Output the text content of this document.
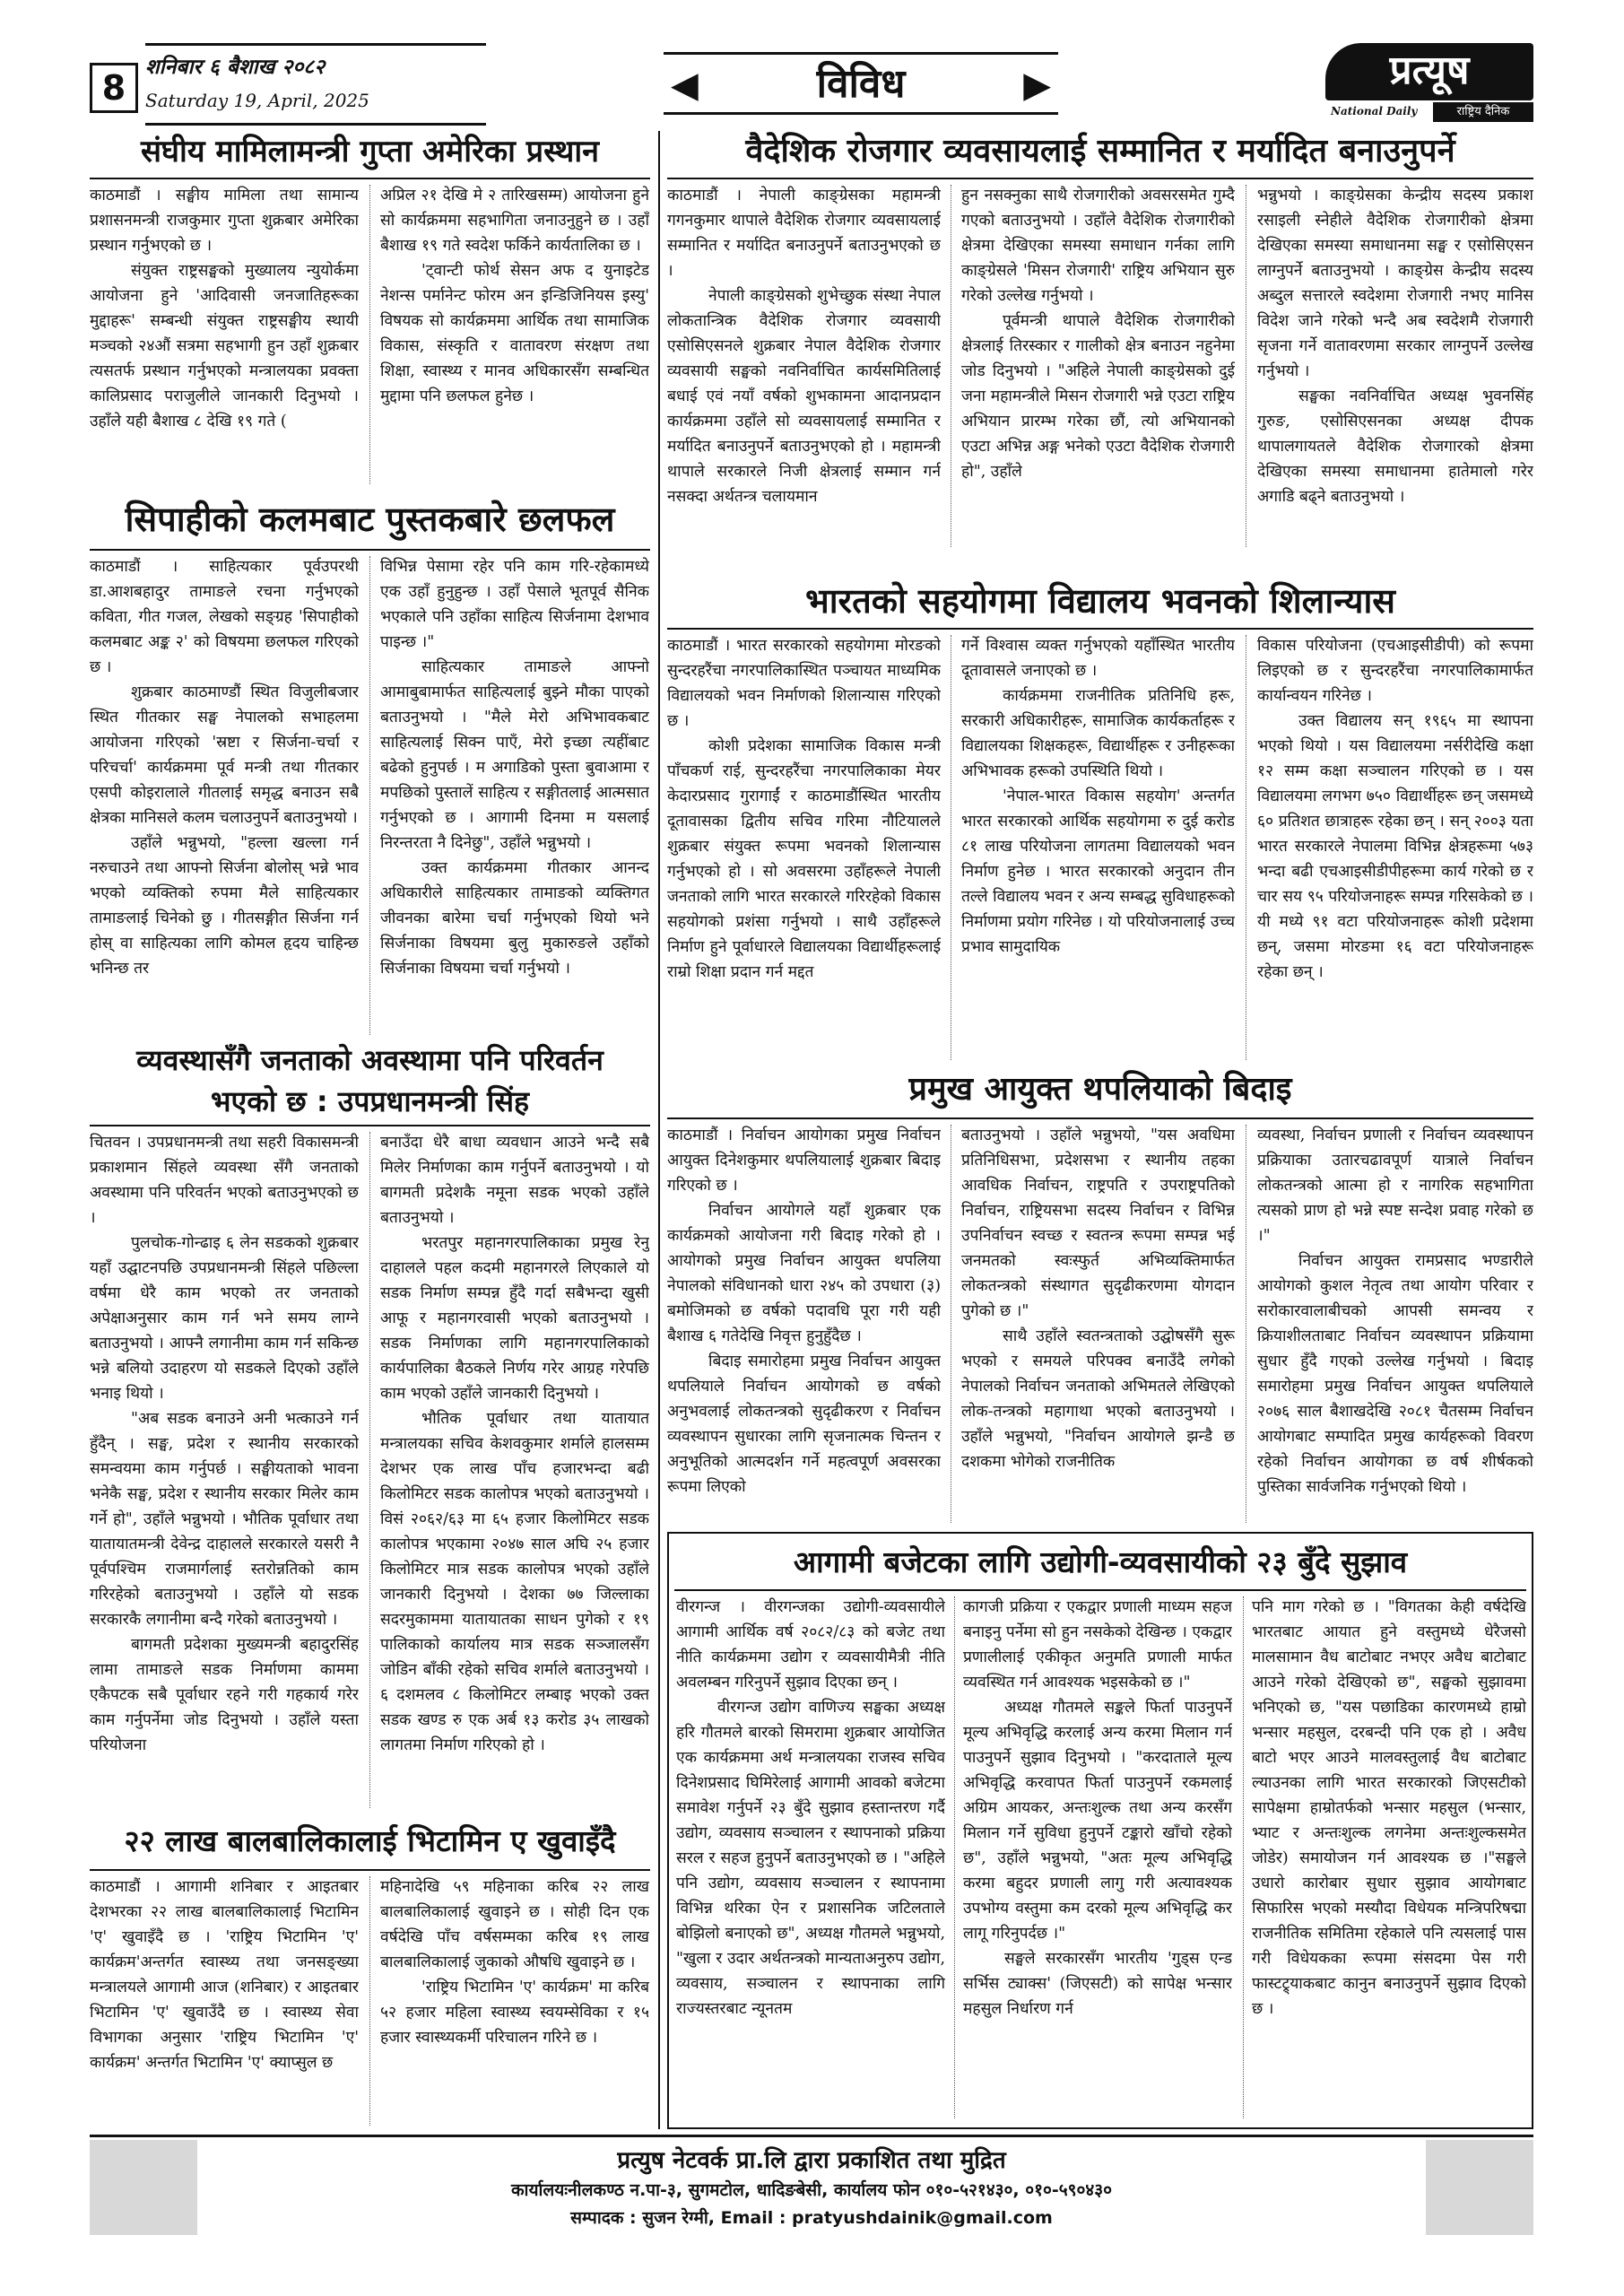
8
शनिबार ६ बैशाख २०८२
Saturday 19, April, 2025	◀	विविध	▶	प्रत्यूष
National Daily	राष्ट्रिय दैनिक
संघीय मामिलामन्त्री गुप्ता अमेरिका प्रस्थान

काठमाडौं । सङ्घीय मामिला तथा सामान्य प्रशासनमन्त्री राजकुमार गुप्ता शुक्रबार अमेरिका प्रस्थान गर्नुभएको छ ।

संयुक्त राष्ट्रसङ्घको मुख्यालय न्युयोर्कमा आयोजना हुने 'आदिवासी जनजातिहरूका मुद्दाहरू' सम्बन्धी संयुक्त राष्ट्रसङ्घीय स्थायी मञ्चको २४औं सत्रमा सहभागी हुन उहाँ शुक्रबार त्यसतर्फ प्रस्थान गर्नुभएको मन्त्रालयका प्रवक्ता कालिप्रसाद पराजुलीले जानकारी दिनुभयो । उहाँले यही बैशाख ८ देखि १९ गते (

अप्रिल २१ देखि मे २ तारिखसम्म) आयोजना हुने सो कार्यक्रममा सहभागिता जनाउनुहुने छ । उहाँ बैशाख १९ गते स्वदेश फर्किने कार्यतालिका छ ।

'ट्वान्टी फोर्थ सेसन अफ द युनाइटेड नेशन्स पर्मानेन्ट फोरम अन इन्डिजिनियस इस्यु' विषयक सो कार्यक्रममा आर्थिक तथा सामाजिक विकास, संस्कृति र वातावरण संरक्षण तथा शिक्षा, स्वास्थ्य र मानव अधिकारसँग सम्बन्धित मुद्दामा पनि छलफल हुनेछ ।

सिपाहीको कलमबाट पुस्तकबारे छलफल

काठमाडौं । साहित्यकार पूर्वउपरथी डा.आशबहादुर तामाङले रचना गर्नुभएको कविता, गीत गजल, लेखको सङ्ग्रह 'सिपाहीको कलमबाट अङ्क २' को विषयमा छलफल गरिएको छ ।

शुक्रबार काठमाण्डौं स्थित विजुलीबजार स्थित गीतकार सङ्घ नेपालको सभाहलमा आयोजना गरिएको 'स्रष्टा र सिर्जना-चर्चा र परिचर्चा' कार्यक्रममा पूर्व मन्त्री तथा गीतकार एसपी कोइरालाले गीतलाई समृद्ध बनाउन सबै क्षेत्रका मानिसले कलम चलाउनुपर्ने बताउनुभयो ।

उहाँले भन्नुभयो, "हल्ला खल्ला गर्न नरुचाउने तथा आफ्नो सिर्जना बोलोस् भन्ने भाव भएको व्यक्तिको रुपमा मैले साहित्यकार तामाङलाई चिनेको छु । गीतसङ्गीत सिर्जना गर्न होस् वा साहित्यका लागि कोमल हृदय चाहिन्छ भनिन्छ तर

विभिन्न पेसामा रहेर पनि काम गरि-रहेकामध्ये एक उहाँ हुनुहुन्छ । उहाँ पेसाले भूतपूर्व सैनिक भएकाले पनि उहाँका साहित्य सिर्जनामा देशभाव पाइन्छ ।"

साहित्यकार तामाङले आफ्नो आमाबुबामार्फत साहित्यलाई बुझ्ने मौका पाएको बताउनुभयो । "मैले मेरो अभिभावकबाट साहित्यलाई सिक्न पाएँ, मेरो इच्छा त्यहींबाट बढेको हुनुपर्छ । म अगाडिको पुस्ता बुवाआमा र मपछिको पुस्तालें साहित्य र सङ्गीतलाई आत्मसात गर्नुभएको छ । आगामी दिनमा म यसलाई निरन्तरता नै दिनेछु", उहाँले भन्नुभयो ।

उक्त कार्यक्रममा गीतकार आनन्द अधिकारीले साहित्यकार तामाङको व्यक्तिगत जीवनका बारेमा चर्चा गर्नुभएको थियो भने सिर्जनाका विषयमा बुलु मुकारुङले उहाँको सिर्जनाका विषयमा चर्चा गर्नुभयो ।

व्यवस्थासँगै जनताको अवस्थामा पनि परिवर्तन
भएको छ : उपप्रधानमन्त्री सिंह

चितवन । उपप्रधानमन्त्री तथा सहरी विकासमन्त्री प्रकाशमान सिंहले व्यवस्था सँगै जनताको अवस्थामा पनि परिवर्तन भएको बताउनुभएको छ ।

पुलचोक-गोन्ढाइ ६ लेन सडकको शुक्रबार यहाँ उद्घाटनपछि उपप्रधानमन्त्री सिंहले पछिल्ला वर्षमा धेरै काम भएको तर जनताको अपेक्षाअनुसार काम गर्न भने समय लाग्ने बताउनुभयो । आफ्नै लगानीमा काम गर्न सकिन्छ भन्ने बलियो उदाहरण यो सडकले दिएको उहाँले भनाइ थियो ।

"अब सडक बनाउने अनी भत्काउने गर्न हुँदैन् । सङ्घ, प्रदेश र स्थानीय सरकारको समन्वयमा काम गर्नुपर्छ । सङ्घीयताको भावना भनेकै सङ्घ, प्रदेश र स्थानीय सरकार मिलेर काम गर्ने हो", उहाँले भन्नुभयो । भौतिक पूर्वाधार तथा यातायातमन्त्री देवेन्द्र दाहालले सरकारले यसरी नै पूर्वपश्चिम राजमार्गलाई स्तरोन्नतिको काम गरिरहेको बताउनुभयो । उहाँले यो सडक सरकारकै लगानीमा बन्दै गरेको बताउनुभयो ।

बागमती प्रदेशका मुख्यमन्त्री बहादुरसिंह लामा तामाङले सडक निर्माणमा काममा एकैपटक सबै पूर्वाधार रहने गरी गहकार्य गरेर काम गर्नुपर्नेमा जोड दिनुभयो । उहाँले यस्ता परियोजना

बनाउँदा धेरै बाधा व्यवधान आउने भन्दै सबै मिलेर निर्माणका काम गर्नुपर्ने बताउनुभयो । यो बागमती प्रदेशकै नमूना सडक भएको उहाँले बताउनुभयो ।

भरतपुर महानगरपालिकाका प्रमुख रेनु दाहालले पहल कदमी महानगरले लिएकाले यो सडक निर्माण सम्पन्न हुँदै गर्दा सबैभन्दा खुसी आफू र महानगरवासी भएको बताउनुभयो । सडक निर्माणका लागि महानगरपालिकाको कार्यपालिका बैठकले निर्णय गरेर आग्रह गरेपछि काम भएको उहाँले जानकारी दिनुभयो ।

भौतिक पूर्वाधार तथा यातायात मन्त्रालयका सचिव केशवकुमार शर्माले हालसम्म देशभर एक लाख पाँच हजारभन्दा बढी किलोमिटर सडक कालोपत्र भएको बताउनुभयो । विसं २०६२/६३ मा ६५ हजार किलोमिटर सडक कालोपत्र भएकामा २०४७ साल अघि २५ हजार किलोमिटर मात्र सडक कालोपत्र भएको उहाँले जानकारी दिनुभयो । देशका ७७ जिल्लाका सदरमुकाममा यातायातका साधन पुगेको र १९ पालिकाको कार्यालय मात्र सडक सञ्जालसँग जोडिन बाँकी रहेको सचिव शर्माले बताउनुभयो । ६ दशमलव ८ किलोमिटर लम्बाइ भएको उक्त सडक खण्ड रु एक अर्ब १३ करोड ३५ लाखको लागतमा निर्माण गरिएको हो ।

२२ लाख बालबालिकालाई भिटामिन ए खुवाइँदै

काठमाडौं । आगामी शनिबार र आइतबार देशभरका २२ लाख बालबालिकालाई भिटामिन 'ए' खुवाइँदै छ । 'राष्ट्रिय भिटामिन 'ए' कार्यक्रम'अन्तर्गत स्वास्थ्य तथा जनसङ्ख्या मन्त्रालयले आगामी आज (शनिबार) र आइतबार भिटामिन 'ए' खुवाउँदै छ । स्वास्थ्य सेवा विभागका अनुसार 'राष्ट्रिय भिटामिन 'ए' कार्यक्रम' अन्तर्गत भिटामिन 'ए' क्याप्सुल छ

महिनादेखि ५९ महिनाका करिब २२ लाख बालबालिकालाई खुवाइने छ । सोही दिन एक वर्षदेखि पाँच वर्षसम्मका करिब १९ लाख बालबालिकालाई जुकाको औषधि खुवाइने छ ।

'राष्ट्रिय भिटामिन 'ए' कार्यक्रम' मा करिब ५२ हजार महिला स्वास्थ्य स्वयम्सेविका र १५ हजार स्वास्थ्यकर्मी परिचालन गरिने छ ।

वैदेशिक रोजगार व्यवसायलाई सम्मानित र मर्यादित बनाउनुपर्ने

काठमाडौं । नेपाली काङ्ग्रेसका महामन्त्री गगनकुमार थापाले वैदेशिक रोजगार व्यवसायलाई सम्मानित र मर्यादित बनाउनुपर्ने बताउनुभएको छ ।

नेपाली काङ्ग्रेसको शुभेच्छुक संस्था नेपाल लोकतान्त्रिक वैदेशिक रोजगार व्यवसायी एसोसिएसनले शुक्रबार नेपाल वैदेशिक रोजगार व्यवसायी सङ्घको नवनिर्वाचित कार्यसमितिलाई बधाई एवं नयाँ वर्षको शुभकामना आदानप्रदान कार्यक्रममा उहाँले सो व्यवसायलाई सम्मानित र मर्यादित बनाउनुपर्ने बताउनुभएको हो । महामन्त्री थापाले सरकारले निजी क्षेत्रलाई सम्मान गर्न नसक्दा अर्थतन्त्र चलायमान

हुन नसक्नुका साथै रोजगारीको अवसरसमेत गुम्दै गएको बताउनुभयो । उहाँले वैदेशिक रोजगारीको क्षेत्रमा देखिएका समस्या समाधान गर्नका लागि काङ्ग्रेसले 'मिसन रोजगारी' राष्ट्रिय अभियान सुरु गरेको उल्लेख गर्नुभयो ।

पूर्वमन्त्री थापाले वैदेशिक रोजगारीको क्षेत्रलाई तिरस्कार र गालीको क्षेत्र बनाउन नहुनेमा जोड दिनुभयो । "अहिले नेपाली काङ्ग्रेसको दुई जना महामन्त्रीले मिसन रोजगारी भन्ने एउटा राष्ट्रिय अभियान प्रारम्भ गरेका छौं, त्यो अभियानको एउटा अभिन्न अङ्ग भनेको एउटा वैदेशिक रोजगारी हो", उहाँले

भन्नुभयो । काङ्ग्रेसका केन्द्रीय सदस्य प्रकाश रसाइली स्नेहीले वैदेशिक रोजगारीको क्षेत्रमा देखिएका समस्या समाधानमा सङ्घ र एसोसिएसन लाग्नुपर्ने बताउनुभयो । काङ्ग्रेस केन्द्रीय सदस्य अब्दुल सत्तारले स्वदेशमा रोजगारी नभए मानिस विदेश जाने गरेको भन्दै अब स्वदेशमै रोजगारी सृजना गर्ने वातावरणमा सरकार लाग्नुपर्ने उल्लेख गर्नुभयो ।

सङ्घका नवनिर्वाचित अध्यक्ष भुवनसिंह गुरुङ, एसोसिएसनका अध्यक्ष दीपक थापालगायतले वैदेशिक रोजगारको क्षेत्रमा देखिएका समस्या समाधानमा हातेमालो गरेर अगाडि बढ्ने बताउनुभयो ।

भारतको सहयोगमा विद्यालय भवनको शिलान्यास

काठमाडौं । भारत सरकारको सहयोगमा मोरङको सुन्दरहरैंचा नगरपालिकास्थित पञ्चायत माध्यमिक विद्यालयको भवन निर्माणको शिलान्यास गरिएको छ ।

कोशी प्रदेशका सामाजिक विकास मन्त्री पाँचकर्ण राई, सुन्दरहरैंचा नगरपालिकाका मेयर केदारप्रसाद गुरागाईं र काठमाडौंस्थित भारतीय दूतावासका द्वितीय सचिव गरिमा नौटियालले शुक्रबार संयुक्त रूपमा भवनको शिलान्यास गर्नुभएको हो । सो अवसरमा उहाँहरूले नेपाली जनताको लागि भारत सरकारले गरिरहेको विकास सहयोगको प्रशंसा गर्नुभयो । साथै उहाँहरूले निर्माण हुने पूर्वाधारले विद्यालयका विद्यार्थीहरूलाई राम्रो शिक्षा प्रदान गर्न मद्दत

गर्ने विश्वास व्यक्त गर्नुभएको यहाँस्थित भारतीय दूतावासले जनाएको छ ।

कार्यक्रममा राजनीतिक प्रतिनिधि हरू, सरकारी अधिकारीहरू, सामाजिक कार्यकर्ताहरू र विद्यालयका शिक्षकहरू, विद्यार्थीहरू र उनीहरूका अभिभावक हरूको उपस्थिति थियो ।

'नेपाल-भारत विकास सहयोग' अन्तर्गत भारत सरकारको आर्थिक सहयोगमा रु दुई करोड ८१ लाख परियोजना लागतमा विद्यालयको भवन निर्माण हुनेछ । भारत सरकारको अनुदान तीन तल्ले विद्यालय भवन र अन्य सम्बद्ध सुविधाहरूको निर्माणमा प्रयोग गरिनेछ । यो परियोजनालाई उच्च प्रभाव सामुदायिक

विकास परियोजना (एचआइसीडीपी) को रूपमा लिइएको छ र सुन्दरहरैंचा नगरपालिकामार्फत कार्यान्वयन गरिनेछ ।

उक्त विद्यालय सन् १९६५ मा स्थापना भएको थियो । यस विद्यालयमा नर्सरीदेखि कक्षा १२ सम्म कक्षा सञ्चालन गरिएको छ । यस विद्यालयमा लगभग ७५० विद्यार्थीहरू छन् जसमध्ये ६० प्रतिशत छात्राहरू रहेका छन् । सन् २००३ यता भारत सरकारले नेपालमा विभिन्न क्षेत्रहरूमा ५७३ भन्दा बढी एचआइसीडीपीहरूमा कार्य गरेको छ र चार सय ९५ परियोजनाहरू सम्पन्न गरिसकेको छ । यी मध्ये ९१ वटा परियोजनाहरू कोशी प्रदेशमा छन्, जसमा मोरङमा १६ वटा परियोजनाहरू रहेका छन् ।

प्रमुख आयुक्त थपलियाको बिदाइ

काठमाडौं । निर्वाचन आयोगका प्रमुख निर्वाचन आयुक्त दिनेशकुमार थपलियालाई शुक्रबार बिदाइ गरिएको छ ।

निर्वाचन आयोगले यहाँ शुक्रबार एक कार्यक्रमको आयोजना गरी बिदाइ गरेको हो । आयोगको प्रमुख निर्वाचन आयुक्त थपलिया नेपालको संविधानको धारा २४५ को उपधारा (३) बमोजिमको छ वर्षको पदावधि पूरा गरी यही बैशाख ६ गतेदेखि निवृत्त हुनुहुँदैछ ।

बिदाइ समारोहमा प्रमुख निर्वाचन आयुक्त थपलियाले निर्वाचन आयोगको छ वर्षको अनुभवलाई लोकतन्त्रको सुदृढीकरण र निर्वाचन व्यवस्थापन सुधारका लागि सृजनात्मक चिन्तन र अनुभूतिको आत्मदर्शन गर्ने महत्वपूर्ण अवसरका रूपमा लिएको

बताउनुभयो । उहाँले भन्नुभयो, "यस अवधिमा प्रतिनिधिसभा, प्रदेशसभा र स्थानीय तहका आवधिक निर्वाचन, राष्ट्रपति र उपराष्ट्रपतिको निर्वाचन, राष्ट्रियसभा सदस्य निर्वाचन र विभिन्न उपनिर्वाचन स्वच्छ र स्वतन्त्र रूपमा सम्पन्न भई जनमतको स्वःस्फुर्त अभिव्यक्तिमार्फत लोकतन्त्रको संस्थागत सुदृढीकरणमा योगदान पुगेको छ ।"

साथै उहाँले स्वतन्त्रताको उद्घोषसँगै सुरू भएको र समयले परिपक्व बनाउँदै लगेको नेपालको निर्वाचन जनताको अभिमतले लेखिएको लोक-तन्त्रको महागाथा भएको बताउनुभयो । उहाँले भन्नुभयो, "निर्वाचन आयोगले झन्डै छ दशकमा भोगेको राजनीतिक

व्यवस्था, निर्वाचन प्रणाली र निर्वाचन व्यवस्थापन प्रक्रियाका उतारचढावपूर्ण यात्राले निर्वाचन लोकतन्त्रको आत्मा हो र नागरिक सहभागिता त्यसको प्राण हो भन्ने स्पष्ट सन्देश प्रवाह गरेको छ ।"

निर्वाचन आयुक्त रामप्रसाद भण्डारीले आयोगको कुशल नेतृत्व तथा आयोग परिवार र सरोकारवालाबीचको आपसी समन्वय र क्रियाशीलताबाट निर्वाचन व्यवस्थापन प्रक्रियामा सुधार हुँदै गएको उल्लेख गर्नुभयो । बिदाइ समारोहमा प्रमुख निर्वाचन आयुक्त थपलियाले २०७६ साल बैशाखदेखि २०८१ चैतसम्म निर्वाचन आयोगबाट सम्पादित प्रमुख कार्यहरूको विवरण रहेको निर्वाचन आयोगका छ वर्ष शीर्षकको पुस्तिका सार्वजनिक गर्नुभएको थियो ।

आगामी बजेटका लागि उद्योगी-व्यवसायीको २३ बुँदे सुझाव

वीरगन्ज । वीरगन्जका उद्योगी-व्यवसायीले आगामी आर्थिक वर्ष २०८२/८३ को बजेट तथा नीति कार्यक्रममा उद्योग र व्यवसायीमैत्री नीति अवलम्बन गरिनुपर्ने सुझाव दिएका छन् ।

वीरगन्ज उद्योग वाणिज्य सङ्घका अध्यक्ष हरि गौतमले बारको सिमरामा शुक्रबार आयोजित एक कार्यक्रममा अर्थ मन्त्रालयका राजस्व सचिव दिनेशप्रसाद घिमिरेलाई आगामी आवको बजेटमा समावेश गर्नुपर्ने २३ बुँदे सुझाव हस्तान्तरण गर्दै उद्योग, व्यवसाय सञ्चालन र स्थापनाको प्रक्रिया सरल र सहज हुनुपर्ने बताउनुभएको छ । "अहिले पनि उद्योग, व्यवसाय सञ्चालन र स्थापनामा विभिन्न थरिका ऐन र प्रशासनिक जटिलताले बोझिलो बनाएको छ", अध्यक्ष गौतमले भन्नुभयो, "खुला र उदार अर्थतन्त्रको मान्यताअनुरुप उद्योग, व्यवसाय, सञ्चालन र स्थापनाका लागि राज्यस्तरबाट न्यूनतम

कागजी प्रक्रिया र एकद्वार प्रणाली माध्यम सहज बनाइनु पर्नेमा सो हुन नसकेको देखिन्छ । एकद्वार प्रणालीलाई एकीकृत अनुमति प्रणाली मार्फत व्यवस्थित गर्न आवश्यक भइसकेको छ ।"

अध्यक्ष गौतमले सङ्कले फिर्ता पाउनुपर्ने मूल्य अभिवृद्धि करलाई अन्य करमा मिलान गर्न पाउनुपर्ने सुझाव दिनुभयो । "करदाताले मूल्य अभिवृद्धि करवापत फिर्ता पाउनुपर्ने रकमलाई अग्रिम आयकर, अन्तःशुल्क तथा अन्य करसँग मिलान गर्ने सुविधा हुनुपर्ने टङ्कारो खाँचो रहेको छ", उहाँले भन्नुभयो, "अतः मूल्य अभिवृद्धि करमा बहुदर प्रणाली लागु गरी अत्यावश्यक उपभोग्य वस्तुमा कम दरको मूल्य अभिवृद्धि कर लागू गरिनुपर्दछ ।"

सङ्घले सरकारसँग भारतीय 'गुड्स एन्ड सर्भिस ट्याक्स' (जिएसटी) को सापेक्ष भन्सार महसुल निर्धारण गर्न

पनि माग गरेको छ । "विगतका केही वर्षदेखि भारतबाट आयात हुने वस्तुमध्ये धेरैजसो मालसामान वैध बाटोबाट नभएर अवैध बाटोबाट आउने गरेको देखिएको छ", सङ्घको सुझावमा भनिएको छ, "यस पछाडिका कारणमध्ये हाम्रो भन्सार महसुल, दरबन्दी पनि एक हो । अवैध बाटो भएर आउने मालवस्तुलाई वैध बाटोबाट ल्याउनका लागि भारत सरकारको जिएसटीको सापेक्षमा हाम्रोतर्फको भन्सार महसुल (भन्सार, भ्याट र अन्तःशुल्क लगनेमा अन्तःशुल्कसमेत जोडेर) समायोजन गर्न आवश्यक छ ।"सङ्घले उधारो कारोबार सुधार सुझाव आयोगबाट सिफारिस भएको मस्यौदा विधेयक मन्त्रिपरिषद्मा राजनीतिक समितिमा रहेकाले पनि त्यसलाई पास गरी विधेयकका रूपमा संसदमा पेस गरी फास्टट्र्याकबाट कानुन बनाउनुपर्ने सुझाव दिएको छ ।

प्रत्युष नेटवर्क प्रा.लि द्वारा प्रकाशित तथा मुद्रित
कार्यालयःनीलकण्ठ न.पा-३, सुगमटोल, धादिङबेसी, कार्यालय फोन ०१०-५२१४३०, ०१०-५९०४३०
सम्पादक : सुजन रेग्मी, Email : pratyushdainik@gmail.com
